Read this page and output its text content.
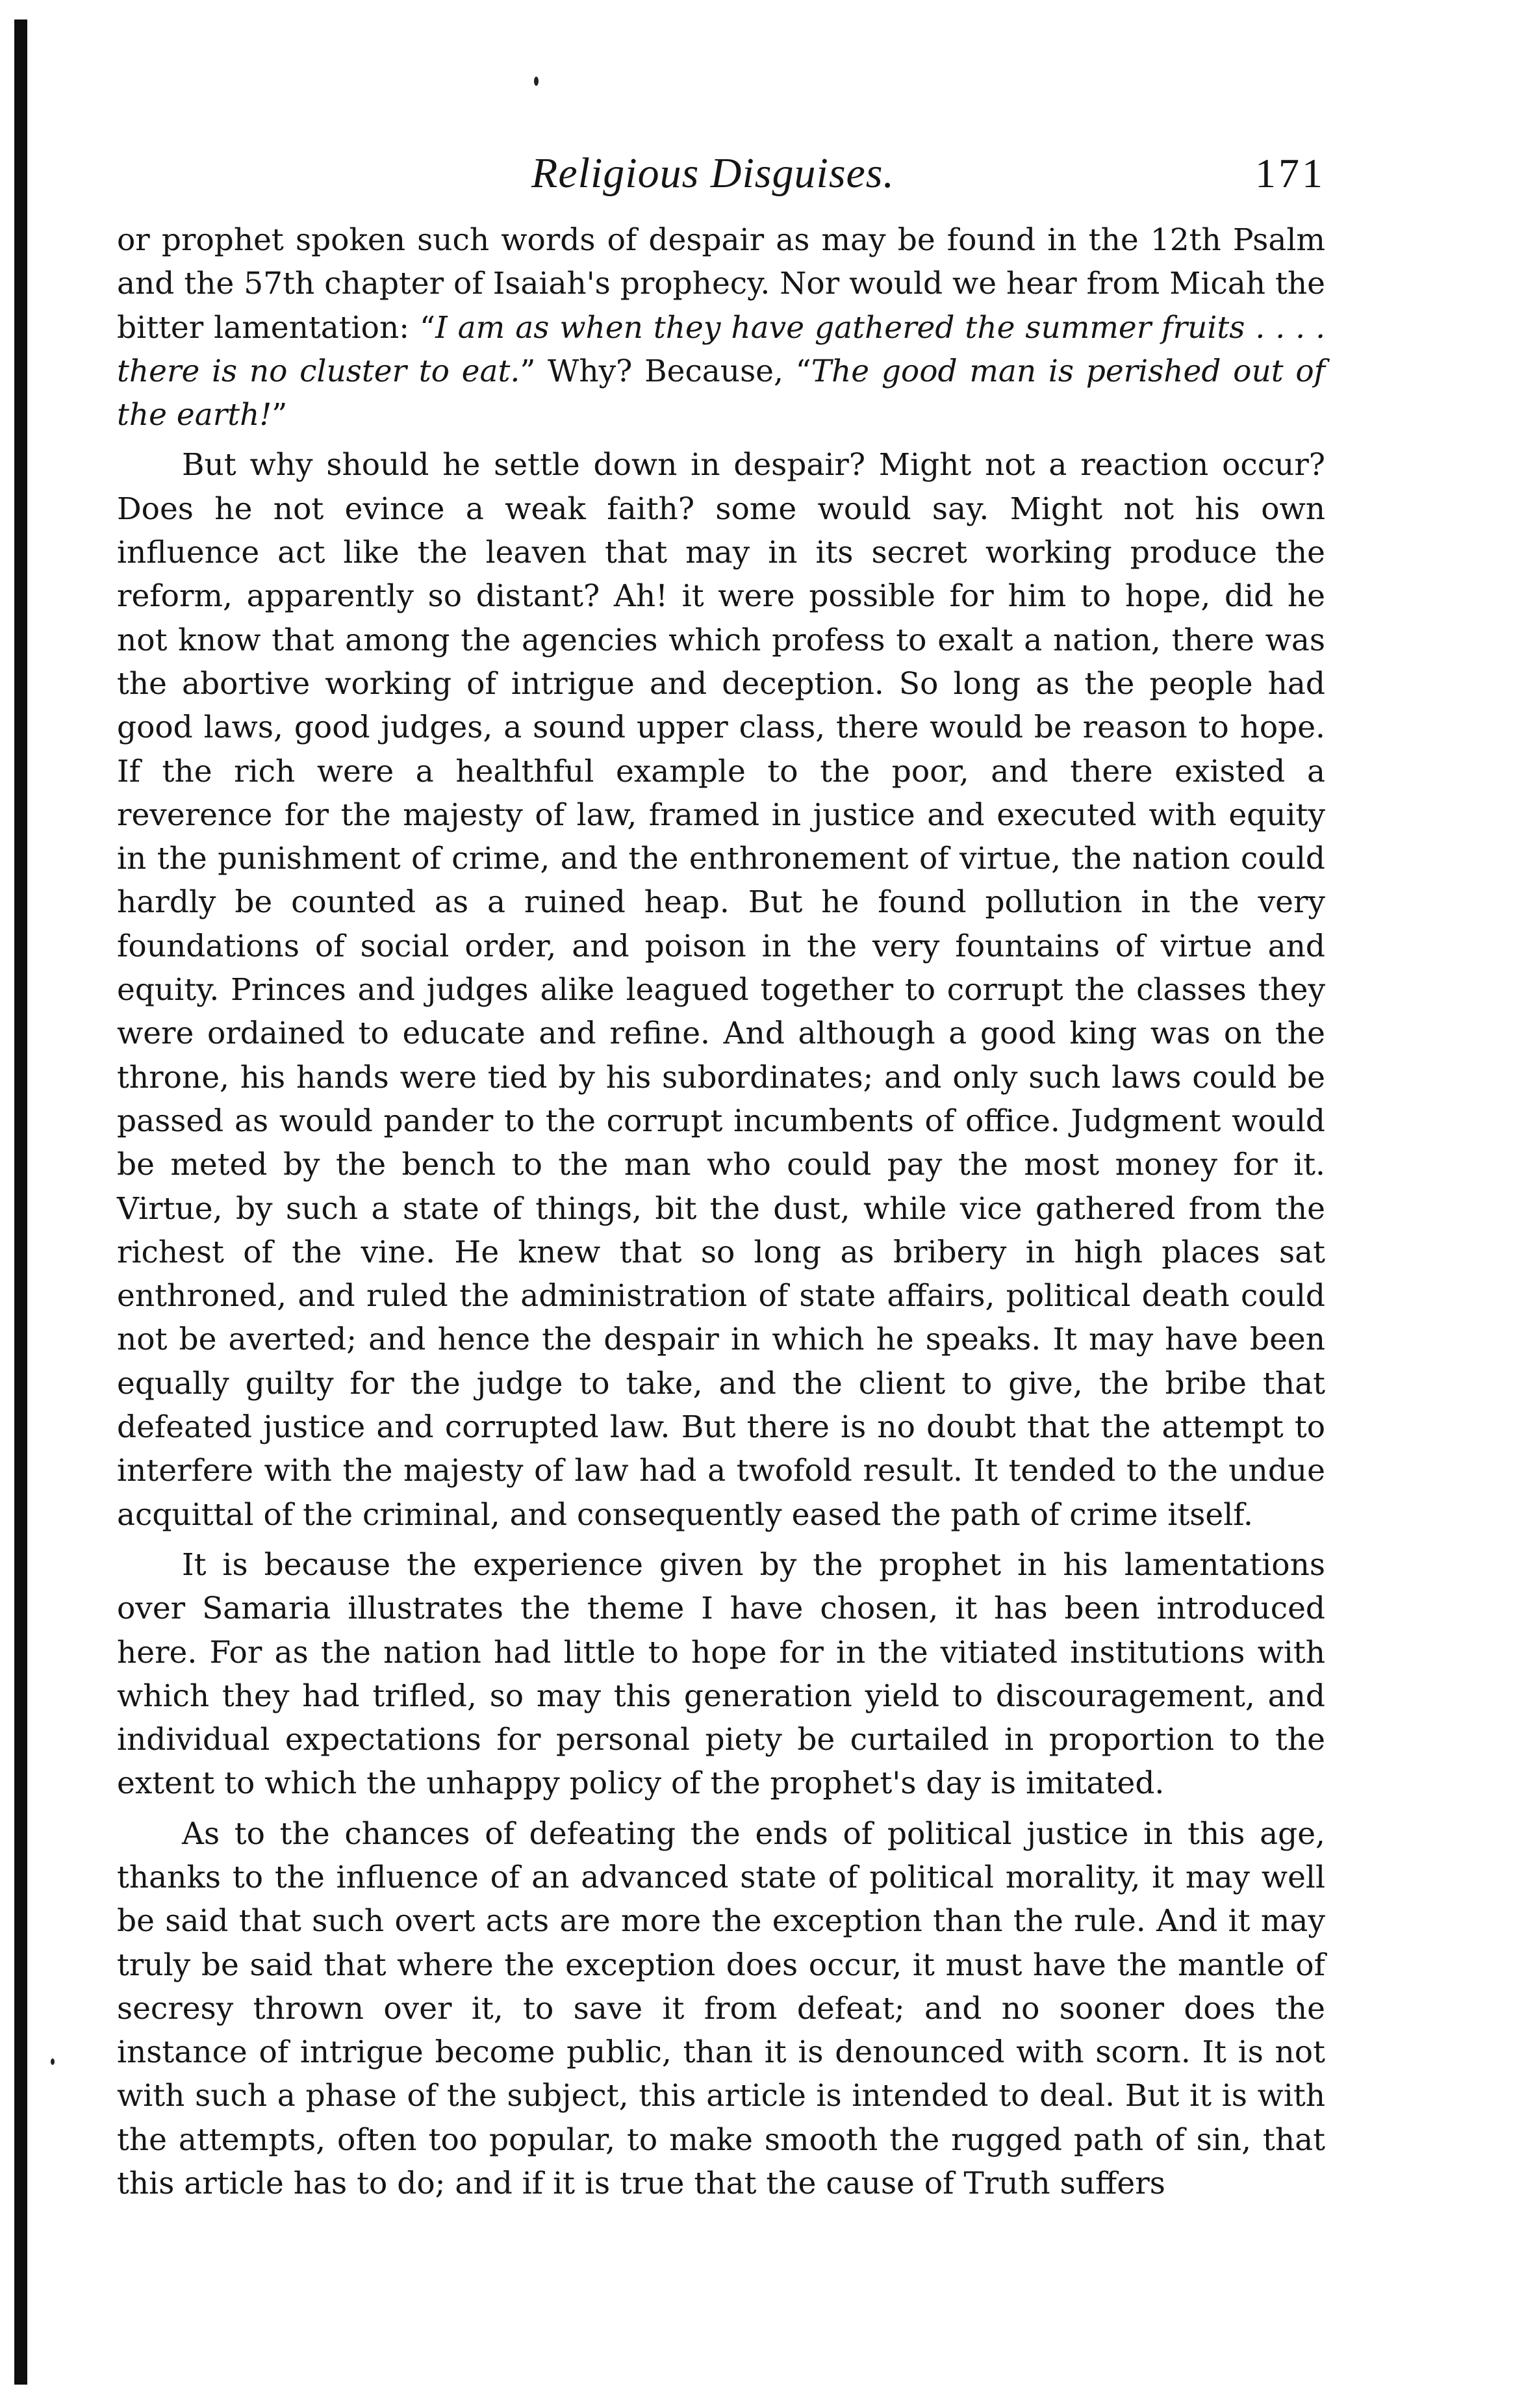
Religious Disguises.	171

or prophet spoken such words of despair as may be found in the 12th Psalm and the 57th chapter of Isaiah's prophecy. Nor would we hear from Micah the bitter lamentation: “I am as when they have gathered the summer fruits . . . . there is no cluster to eat.” Why? Because, “The good man is perished out of the earth!”

But why should he settle down in despair? Might not a reaction occur? Does he not evince a weak faith? some would say. Might not his own influence act like the leaven that may in its secret working produce the reform, apparently so distant? Ah! it were possible for him to hope, did he not know that among the agencies which profess to exalt a nation, there was the abortive working of intrigue and deception. So long as the people had good laws, good judges, a sound upper class, there would be reason to hope. If the rich were a healthful example to the poor, and there existed a reverence for the majesty of law, framed in justice and executed with equity in the punishment of crime, and the enthronement of virtue, the nation could hardly be counted as a ruined heap. But he found pollution in the very foundations of social order, and poison in the very fountains of virtue and equity. Princes and judges alike leagued together to corrupt the classes they were ordained to educate and refine. And although a good king was on the throne, his hands were tied by his subordinates; and only such laws could be passed as would pander to the corrupt incumbents of office. Judgment would be meted by the bench to the man who could pay the most money for it. Virtue, by such a state of things, bit the dust, while vice gathered from the richest of the vine. He knew that so long as bribery in high places sat enthroned, and ruled the administration of state affairs, political death could not be averted; and hence the despair in which he speaks. It may have been equally guilty for the judge to take, and the client to give, the bribe that defeated justice and corrupted law. But there is no doubt that the attempt to interfere with the majesty of law had a twofold result. It tended to the undue acquittal of the criminal, and consequently eased the path of crime itself.

It is because the experience given by the prophet in his lamentations over Samaria illustrates the theme I have chosen, it has been introduced here. For as the nation had little to hope for in the vitiated institutions with which they had trifled, so may this generation yield to discouragement, and individual expectations for personal piety be curtailed in proportion to the extent to which the unhappy policy of the prophet's day is imitated.

As to the chances of defeating the ends of political justice in this age, thanks to the influence of an advanced state of political morality, it may well be said that such overt acts are more the exception than the rule. And it may truly be said that where the exception does occur, it must have the mantle of secresy thrown over it, to save it from defeat; and no sooner does the instance of intrigue become public, than it is denounced with scorn. It is not with such a phase of the subject, this article is intended to deal. But it is with the attempts, often too popular, to make smooth the rugged path of sin, that this article has to do; and if it is true that the cause of Truth suffers
